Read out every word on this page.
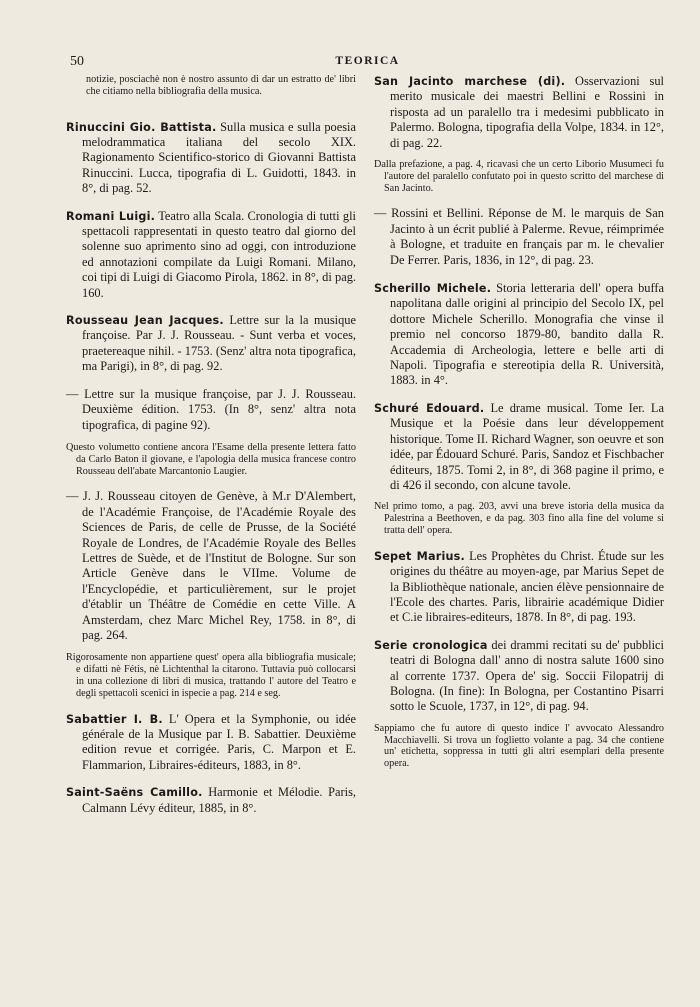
50	TEORICA

notizie, posciachè non è nostro assunto di dar un estratto de' libri che citiamo nella bibliografia della musica.

Rinuccini Gio. Battista. Sulla musica e sulla poesia melodrammatica italiana del secolo XIX. Ragionamento Scientifico-storico di Giovanni Battista Rinuccini. Lucca, tipografia di L. Guidotti, 1843. in 8°, di pag. 52.

Romani Luigi. Teatro alla Scala. Cronologia di tutti gli spettacoli rappresentati in questo teatro dal giorno del solenne suo aprimento sino ad oggi, con introduzione ed annotazioni compilate da Luigi Romani. Milano, coi tipi di Luigi di Giacomo Pirola, 1862. in 8°, di pag. 160.

Rousseau Jean Jacques. Lettre sur la la musique françoise. Par J. J. Rousseau. - Sunt verba et voces, praetereaque nihil. - 1753. (Senz' altra nota tipografica, ma Parigi), in 8°, di pag. 92.

— Lettre sur la musique françoise, par J. J. Rousseau. Deuxième édition. 1753. (In 8°, senz' altra nota tipografica, di pagine 92).

Questo volumetto contiene ancora l'Esame della presente lettera fatto da Carlo Baton il giovane, e l'apologia della musica francese contro Rousseau dell'abate Marcantonio Laugier.

— J. J. Rousseau citoyen de Genève, à M.r D'Alembert, de l'Académie Françoise, de l'Académie Royale des Sciences de Paris, de celle de Prusse, de la Société Royale de Londres, de l'Académie Royale des Belles Lettres de Suède, et de l'Institut de Bologne. Sur son Article Genève dans le VIIme. Volume de l'Encyclopédie, et particulièrement, sur le projet d'établir un Théâtre de Comédie en cette Ville. A Amsterdam, chez Marc Michel Rey, 1758. in 8°, di pag. 264.

Rigorosamente non appartiene quest' opera alla bibliografia musicale; e difatti nè Fétis, nè Lichtenthal la citarono. Tuttavia può collocarsi in una collezione di libri di musica, trattando l' autore del Teatro e degli spettacoli scenici in ispecie a pag. 214 e seg.

Sabattier I. B. L' Opera et la Symphonie, ou idée générale de la Musique par I. B. Sabattier. Deuxième edition revue et corrigée. Paris, C. Marpon et E. Flammarion, Libraires-éditeurs, 1883, in 8°.

Saint-Saëns Camillo. Harmonie et Mélodie. Paris, Calmann Lévy éditeur, 1885, in 8°.

San Jacinto marchese (di). Osservazioni sul merito musicale dei maestri Bellini e Rossini in risposta ad un paralello tra i medesimi pubblicato in Palermo. Bologna, tipografia della Volpe, 1834. in 12°, di pag. 22.

Dalla prefazione, a pag. 4, ricavasi che un certo Liborio Musumeci fu l'autore del paralello confutato poi in questo scritto del marchese di San Jacinto.

— Rossini et Bellini. Réponse de M. le marquis de San Jacinto à un écrit publié à Palerme. Revue, réimprimée à Bologne, et traduite en français par m. le chevalier De Ferrer. Paris, 1836, in 12°, di pag. 23.

Scherillo Michele. Storia letteraria dell' opera buffa napolitana dalle origini al principio del Secolo IX, pel dottore Michele Scherillo. Monografia che vinse il premio nel concorso 1879-80, bandito dalla R. Accademia di Archeologia, lettere e belle arti di Napoli. Tipografia e stereotipia della R. Università, 1883. in 4°.

Schuré Edouard. Le drame musical. Tome Ier. La Musique et la Poésie dans leur développement historique. Tome II. Richard Wagner, son oeuvre et son idée, par Édouard Schuré. Paris, Sandoz et Fischbacher éditeurs, 1875. Tomi 2, in 8°, di 368 pagine il primo, e di 426 il secondo, con alcune tavole.

Nel primo tomo, a pag. 203, avvi una breve istoria della musica da Palestrina a Beethoven, e da pag. 303 fino alla fine del volume si tratta dell' opera.

Sepet Marius. Les Prophètes du Christ. Étude sur les origines du théâtre au moyen-age, par Marius Sepet de la Bibliothèque nationale, ancien élève pensionnaire de l'Ecole des chartes. Paris, librairie académique Didier et C.ie libraires-editeurs, 1878. In 8°, di pag. 193.

Serie cronologica dei drammi recitati su de' pubblici teatri di Bologna dall' anno di nostra salute 1600 sino al corrente 1737. Opera de' sig. Soccii Filopatrij di Bologna. (In fine): In Bologna, per Costantino Pisarri sotto le Scuole, 1737, in 12°, di pag. 94.

Sappiamo che fu autore di questo indice l' avvocato Alessandro Macchiavelli. Si trova un foglietto volante a pag. 34 che contiene un' etichetta, soppressa in tutti gli altri esemplari della presente opera.
